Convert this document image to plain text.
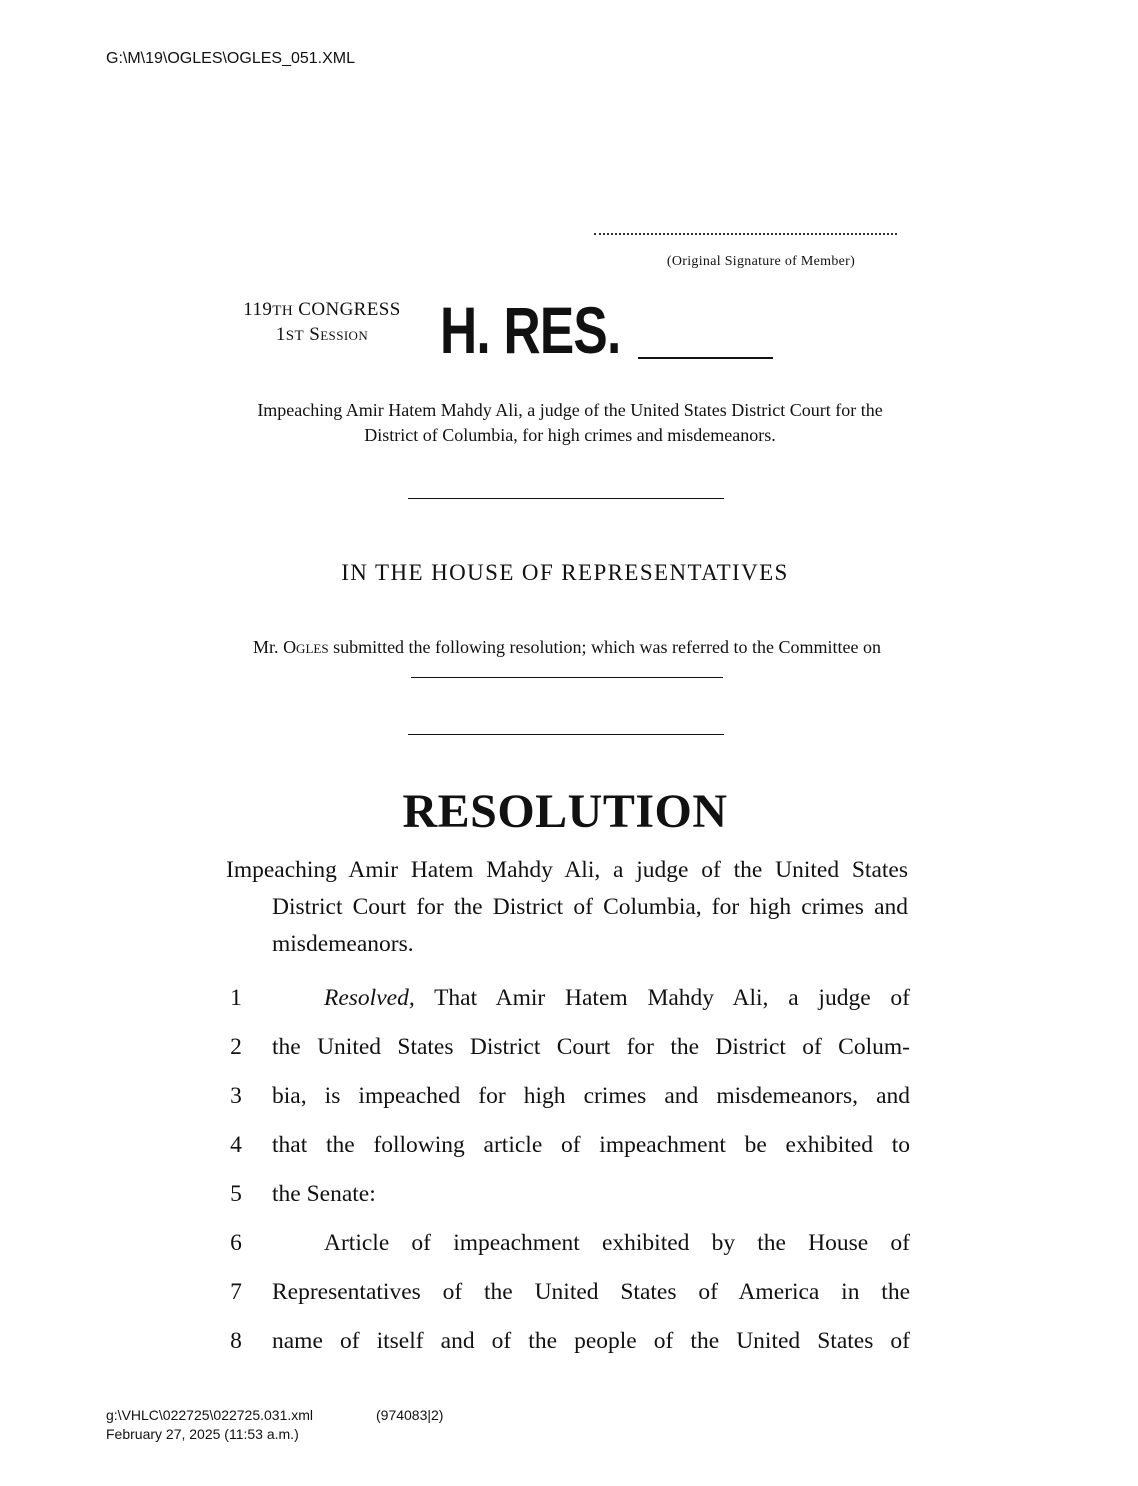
G:\M\19\OGLES\OGLES_051.XML
(Original Signature of Member)
119TH CONGRESS
1ST Session	H. RES.
Impeaching Amir Hatem Mahdy Ali, a judge of the United States District Court for the District of Columbia, for high crimes and misdemeanors.
IN THE HOUSE OF REPRESENTATIVES
Mr. Ogles submitted the following resolution; which was referred to the Committee on
RESOLUTION
Impeaching Amir Hatem Mahdy Ali, a judge of the United States District Court for the District of Columbia, for high crimes and misdemeanors.
1	Resolved, That Amir Hatem Mahdy Ali, a judge of
2	the United States District Court for the District of Colum-
3	bia, is impeached for high crimes and misdemeanors, and
4	that the following article of impeachment be exhibited to
5	the Senate:
6	Article of impeachment exhibited by the House of
7	Representatives of the United States of America in the
8	name of itself and of the people of the United States of
g:\VHLC\022725\022725.031.xml	(974083|2)
February 27, 2025 (11:53 a.m.)
